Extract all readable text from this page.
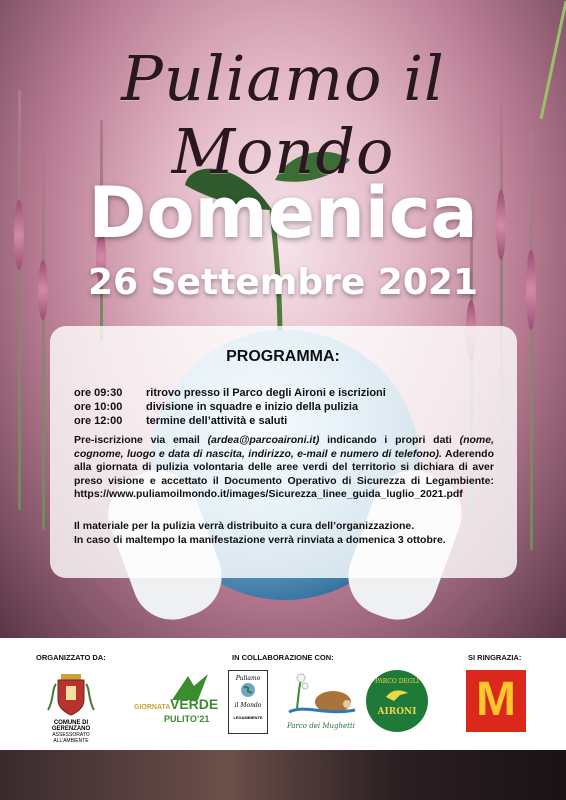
Puliamo il Mondo
Domenica
26 Settembre 2021
PROGRAMMA:
ore 09:30 ritrovo presso il Parco degli Aironi e iscrizioni
ore 10:00 divisione in squadre e inizio della pulizia
ore 12:00 termine dell’attività e saluti
Pre-iscrizione via email (ardea@parcoaironi.it) indicando i propri dati (nome, cognome, luogo e data di nascita, indirizzo, e-mail e numero di telefono). Aderendo alla giornata di pulizia volontaria delle aree verdi del territorio si dichiara di aver preso visione e accettato il Documento Operativo di Sicurezza di Legambiente: https://www.puliamoilmondo.it/images/Sicurezza_linee_guida_luglio_2021.pdf
Il materiale per la pulizia verrà distribuito a cura dell’organizzazione.
In caso di maltempo la manifestazione verrà rinviata a domenica 3 ottobre.
ORGANIZZATO DA:	IN COLLABORAZIONE CON:	SI RINGRAZIA:
COMUNE DI GERENZANO
ASSESSORATO ALL’AMBIENTE
GIORNATA VERDE
PULITO’21
Puliamo
il Mondo
LEGAMBIENTE
Parco dei Mughetti
PARCO DEGLI
AIRONI M
